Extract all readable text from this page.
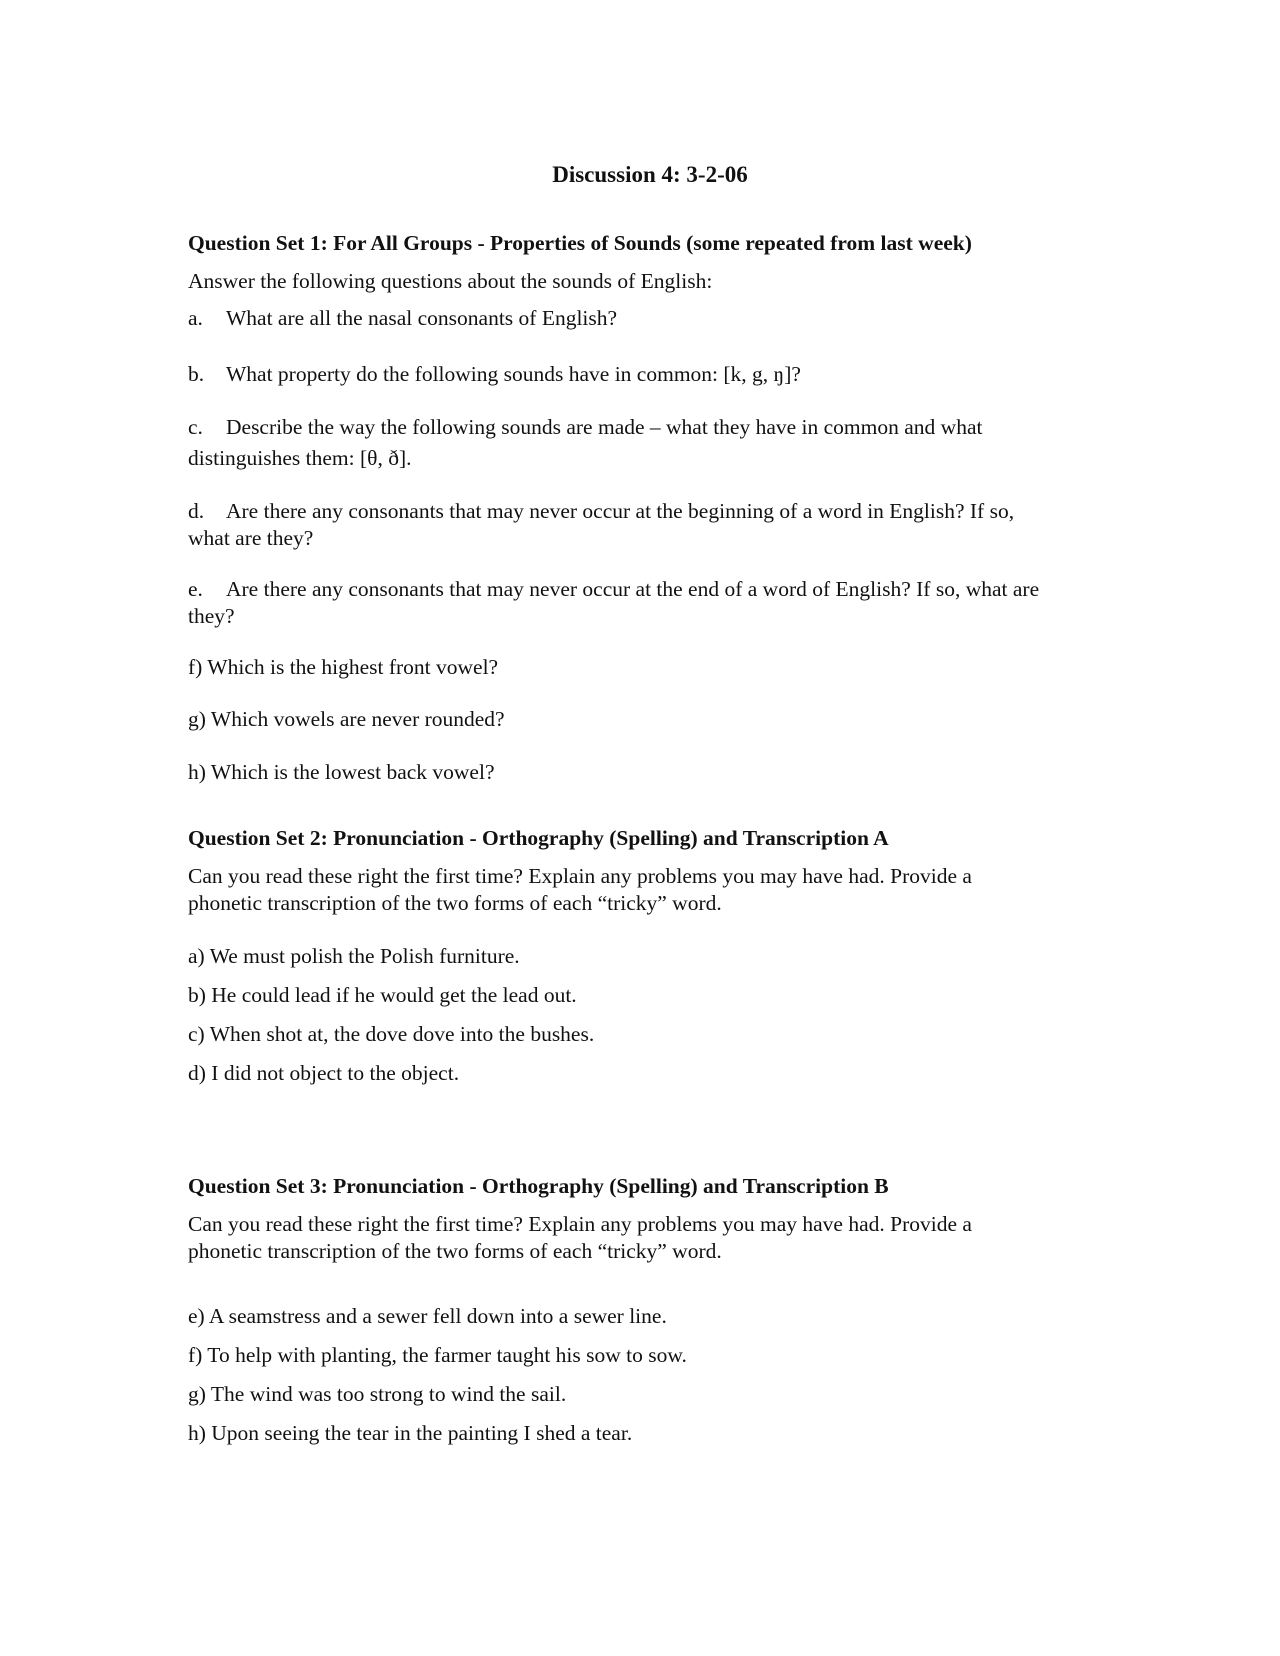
Discussion 4: 3-2-06

Question Set 1: For All Groups - Properties of Sounds (some repeated from last week)

Answer the following questions about the sounds of English:

a. What are all the nasal consonants of English?

b. What property do the following sounds have in common: [k, g, ŋ]?

c. Describe the way the following sounds are made – what they have in common and what

distinguishes them: [θ, ð].

d. Are there any consonants that may never occur at the beginning of a word in English? If so,

what are they?

e. Are there any consonants that may never occur at the end of a word of English? If so, what are

they?

f) Which is the highest front vowel?

g) Which vowels are never rounded?

h) Which is the lowest back vowel?

Question Set 2: Pronunciation - Orthography (Spelling) and Transcription A

Can you read these right the first time? Explain any problems you may have had. Provide a

phonetic transcription of the two forms of each “tricky” word.

a) We must polish the Polish furniture.

b) He could lead if he would get the lead out.

c) When shot at, the dove dove into the bushes.

d) I did not object to the object.

Question Set 3: Pronunciation - Orthography (Spelling) and Transcription B

Can you read these right the first time? Explain any problems you may have had. Provide a

phonetic transcription of the two forms of each “tricky” word.

e) A seamstress and a sewer fell down into a sewer line.

f) To help with planting, the farmer taught his sow to sow.

g) The wind was too strong to wind the sail.

h) Upon seeing the tear in the painting I shed a tear.
